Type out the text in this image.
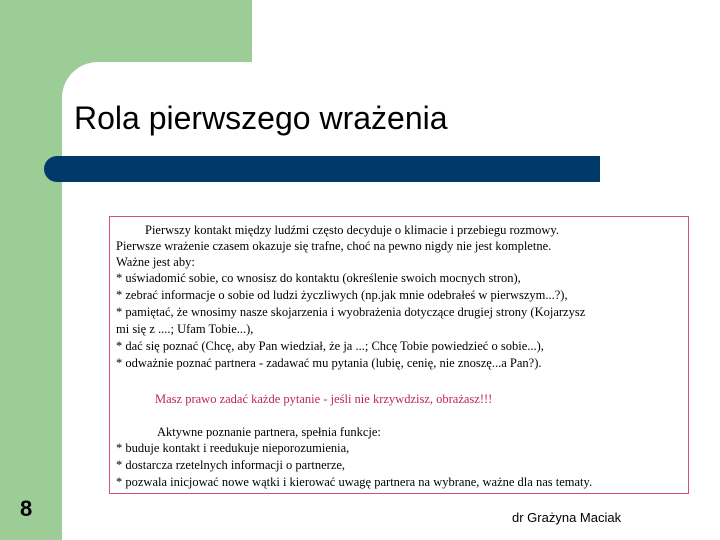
Rola pierwszego wrażenia

Pierwszy kontakt między ludźmi często decyduje o klimacie i przebiegu rozmowy.

Pierwsze wrażenie czasem okazuje się trafne, choć na pewno nigdy nie jest kompletne.

Ważne jest aby:

* uświadomić sobie, co wnosisz do kontaktu (określenie swoich mocnych stron),

* zebrać informacje o sobie od ludzi życzliwych (np.jak mnie odebrałeś w pierwszym...?),

* pamiętać, że wnosimy nasze skojarzenia i wyobrażenia dotyczące drugiej strony (Kojarzysz

mi się z ....; Ufam Tobie...),

* dać się poznać (Chcę, aby Pan wiedział, że ja ...; Chcę Tobie powiedzieć o sobie...),

* odważnie poznać partnera - zadawać mu pytania (lubię, cenię, nie znoszę...a Pan?).

Masz prawo zadać każde pytanie - jeśli nie krzywdzisz, obrażasz!!!

Aktywne poznanie partnera, spełnia funkcje:

* buduje kontakt i reedukuje nieporozumienia,

* dostarcza rzetelnych informacji o partnerze,

* pozwala inicjować nowe wątki i kierować uwagę partnera na wybrane, ważne dla nas tematy.

8	dr Grażyna Maciak
